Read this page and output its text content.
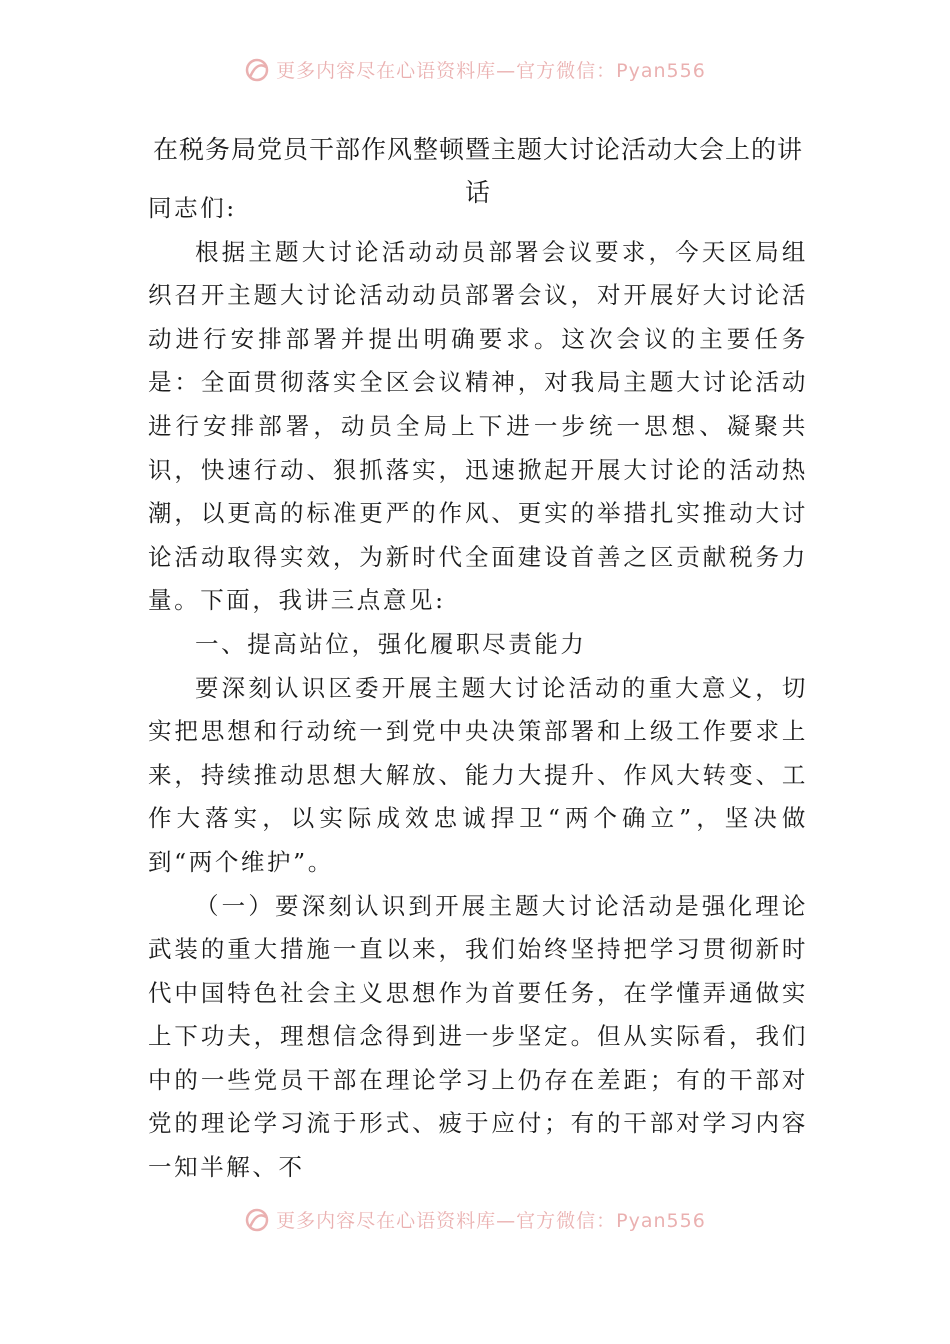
更多内容尽在心语资料库—官方微信：Pyan556
在税务局党员干部作风整顿暨主题大讨论活动大会上的讲话

同志们:

根据主题大讨论活动动员部署会议要求，今天区局组织召开主题大讨论活动动员部署会议，对开展好大讨论活动进行安排部署并提出明确要求。这次会议的主要任务是：全面贯彻落实全区会议精神，对我局主题大讨论活动进行安排部署，动员全局上下进一步统一思想、凝聚共识，快速行动、狠抓落实，迅速掀起开展大讨论的活动热潮，以更高的标准更严的作风、更实的举措扎实推动大讨论活动取得实效，为新时代全面建设首善之区贡献税务力量。下面，我讲三点意见:

一、提高站位，强化履职尽责能力

要深刻认识区委开展主题大讨论活动的重大意义，切实把思想和行动统一到党中央决策部署和上级工作要求上来，持续推动思想大解放、能力大提升、作风大转变、工作大落实，以实际成效忠诚捍卫“两个确立”，坚决做到“两个维护”。

（一）要深刻认识到开展主题大讨论活动是强化理论武装的重大措施一直以来，我们始终坚持把学习贯彻新时代中国特色社会主义思想作为首要任务，在学懂弄通做实上下功夫，理想信念得到进一步坚定。但从实际看，我们中的一些党员干部在理论学习上仍存在差距；有的干部对党的理论学习流于形式、疲于应付；有的干部对学习内容一知半解、不

更多内容尽在心语资料库—官方微信：Pyan556
